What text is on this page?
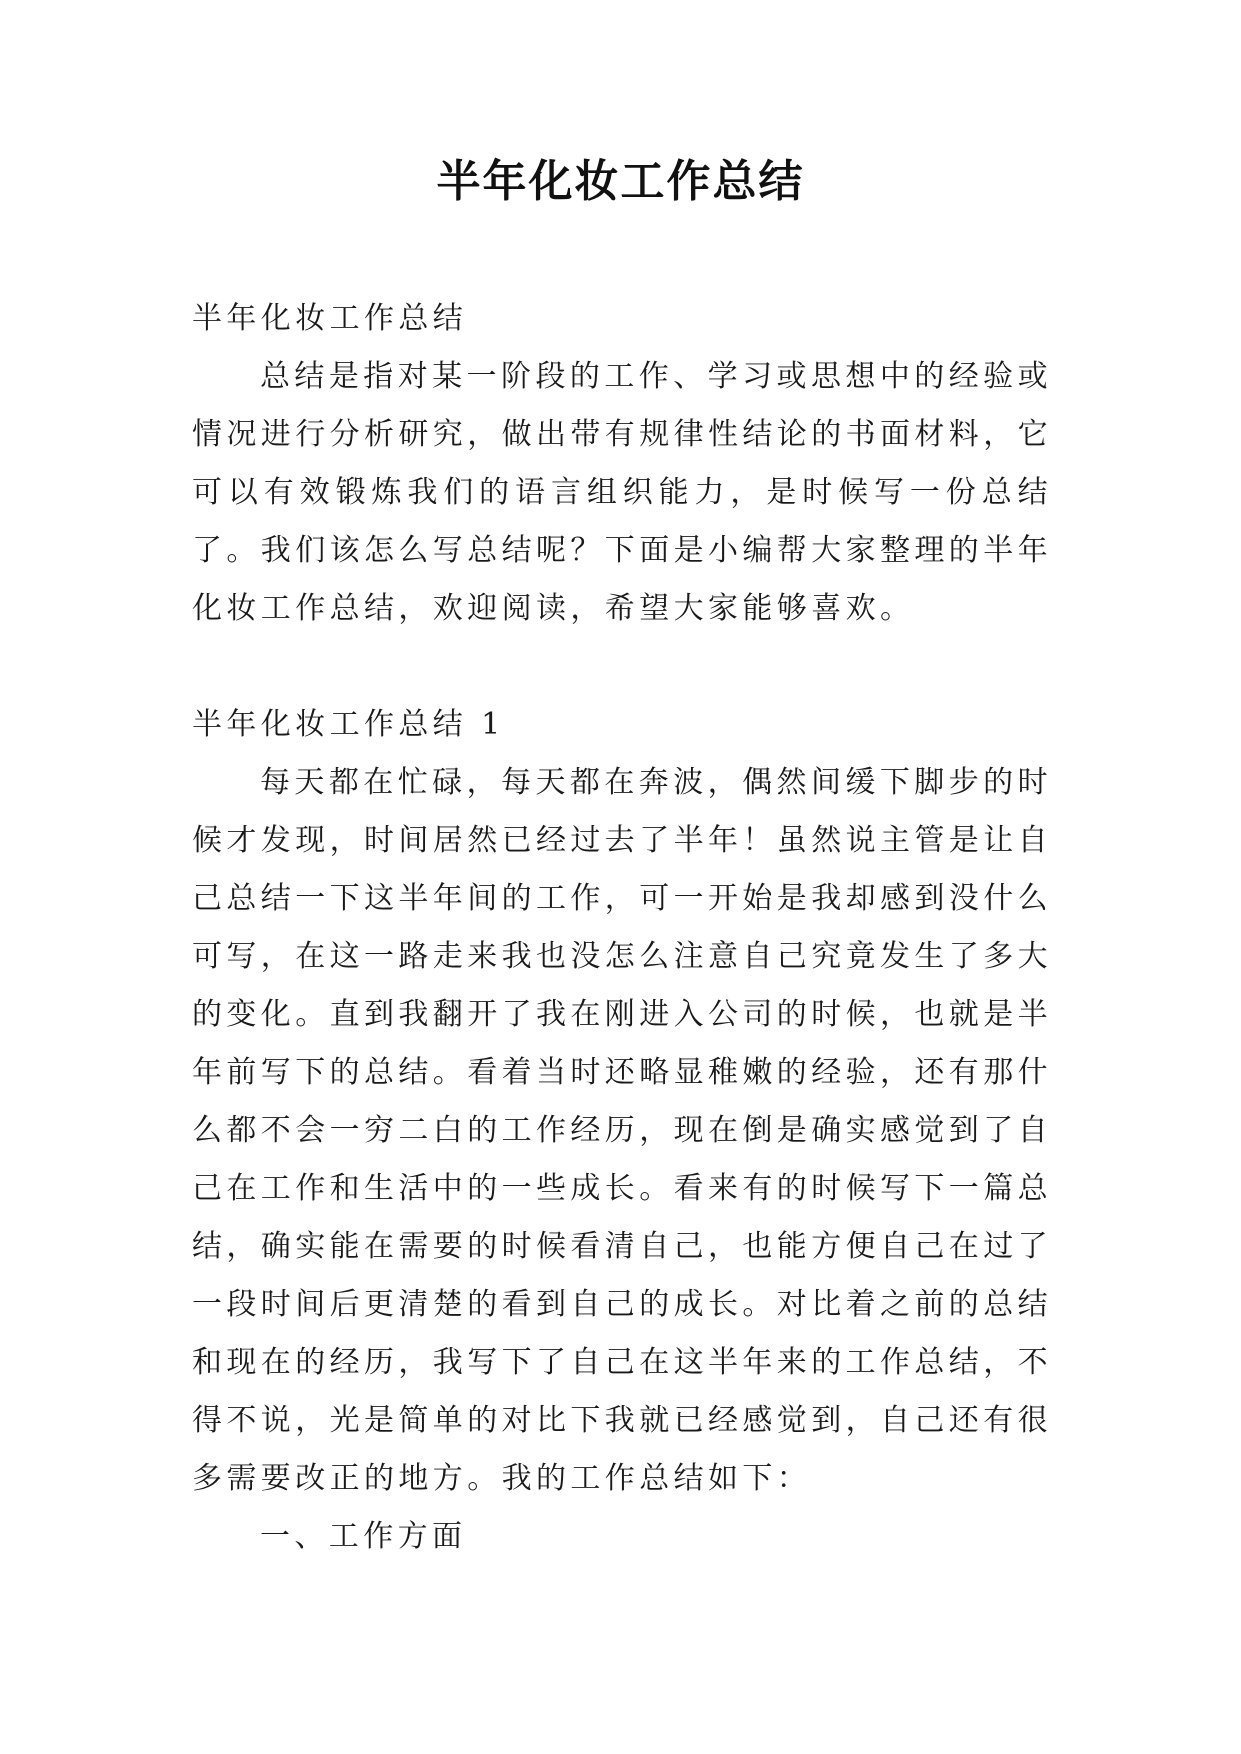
半年化妆工作总结

半年化妆工作总结

总结是指对某一阶段的工作、学习或思想中的经验或情况进行分析研究，做出带有规律性结论的书面材料，它可以有效锻炼我们的语言组织能力，是时候写一份总结了。我们该怎么写总结呢？下面是小编帮大家整理的半年化妆工作总结，欢迎阅读，希望大家能够喜欢。

半年化妆工作总结 1

每天都在忙碌，每天都在奔波，偶然间缓下脚步的时候才发现，时间居然已经过去了半年！虽然说主管是让自己总结一下这半年间的工作，可一开始是我却感到没什么可写，在这一路走来我也没怎么注意自己究竟发生了多大的变化。直到我翻开了我在刚进入公司的时候，也就是半年前写下的总结。看着当时还略显稚嫩的经验，还有那什么都不会一穷二白的工作经历，现在倒是确实感觉到了自己在工作和生活中的一些成长。看来有的时候写下一篇总结，确实能在需要的时候看清自己，也能方便自己在过了一段时间后更清楚的看到自己的成长。对比着之前的总结和现在的经历，我写下了自己在这半年来的工作总结，不得不说，光是简单的对比下我就已经感觉到，自己还有很多需要改正的地方。我的工作总结如下：

一、工作方面
